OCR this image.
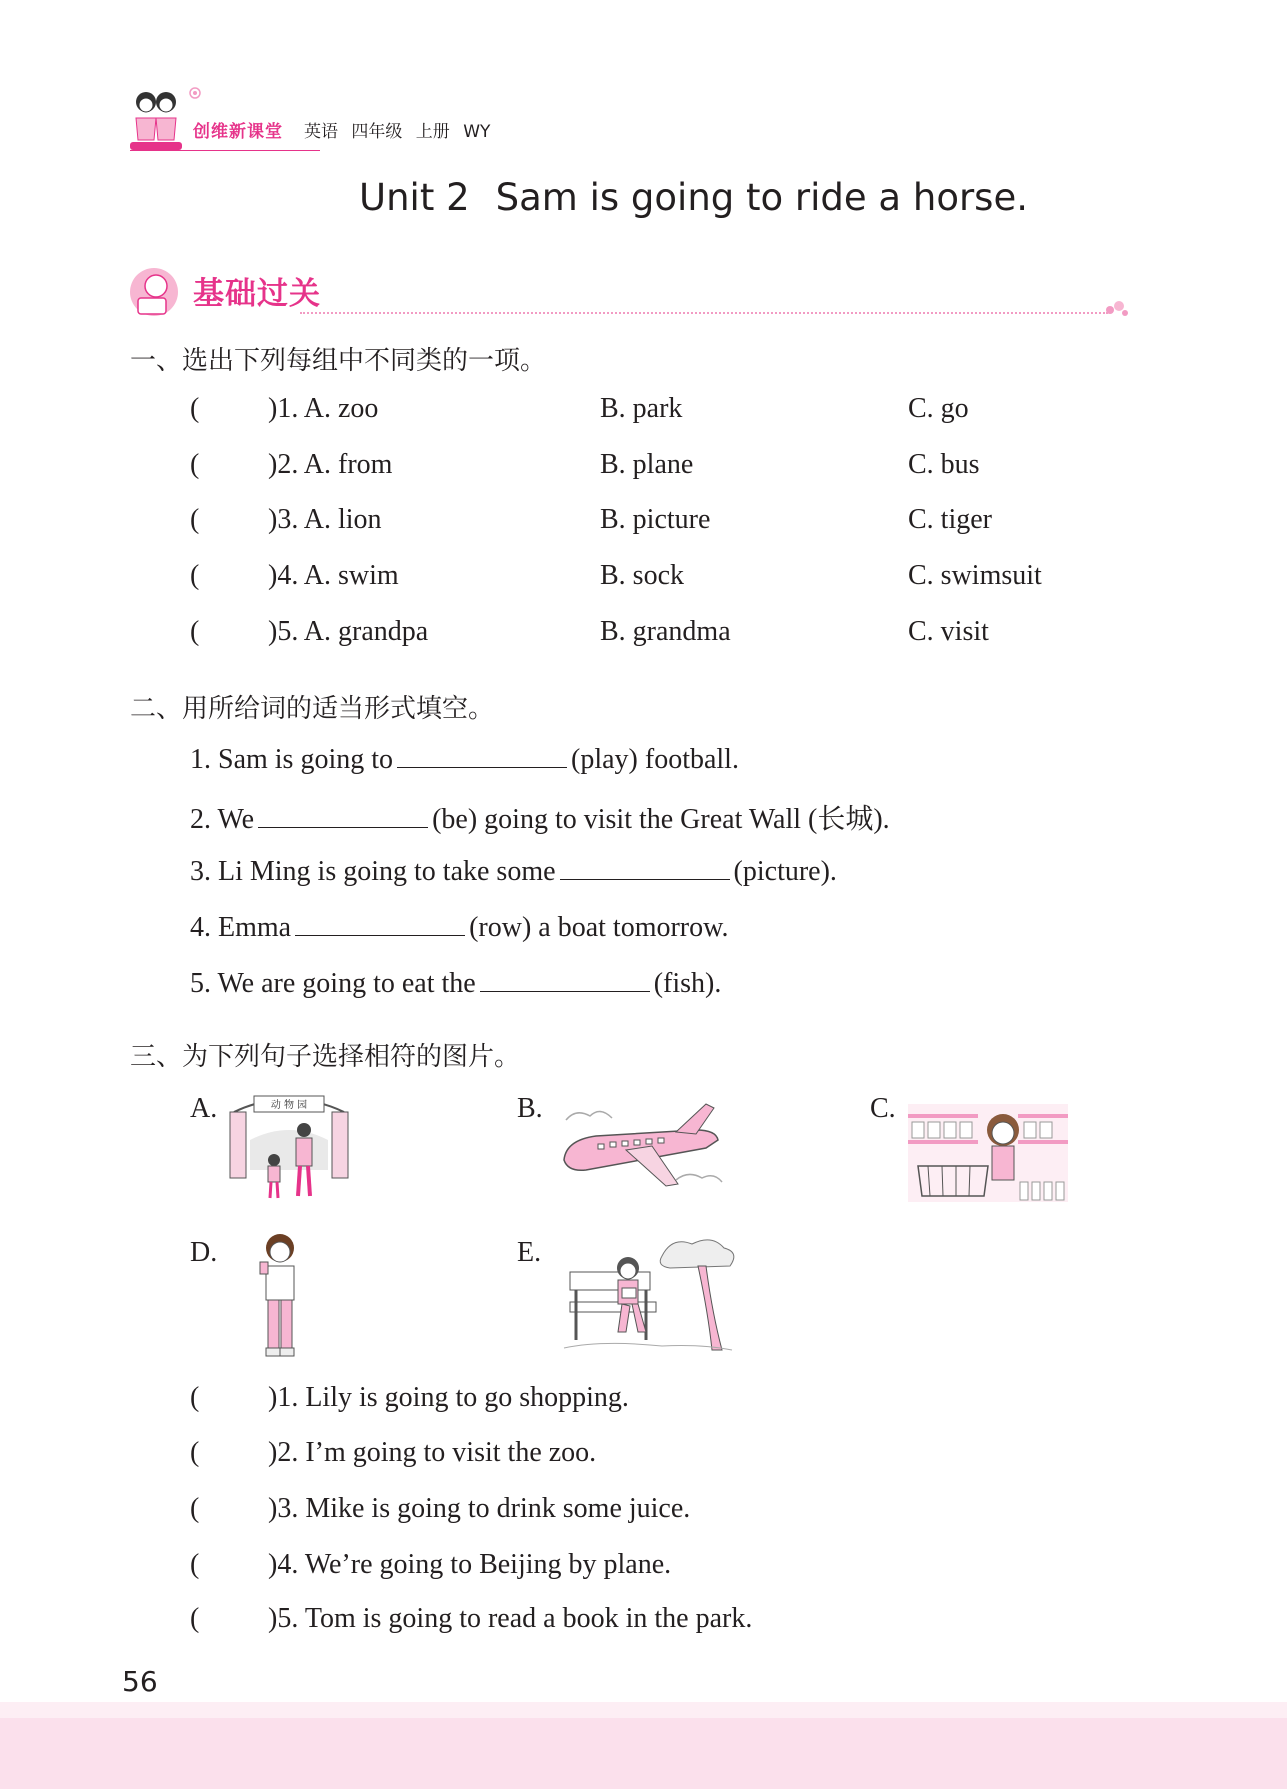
创维新课堂 英语 四年级 上册 WY
Unit 2 Sam is going to ride a horse.
基础过关
一、选出下列每组中不同类的一项。
( )1. A. zoo	B. park	C. go
( )2. A. from	B. plane	C. bus
( )3. A. lion	B. picture	C. tiger
( )4. A. swim	B. sock	C. swimsuit
( )5. A. grandpa	B. grandma	C. visit
二、用所给词的适当形式填空。
1. Sam is going to	(play) football.
2. We	(be) going to visit the Great Wall (长城).
3. Li Ming is going to take some	(picture).
4. Emma	(row) a boat tomorrow.
5. We are going to eat the	(fish).
三、为下列句子选择相符的图片。
A.	动 物 园	B.	C.
D.	E.
( )1. Lily is going to go shopping.
( )2. I’m going to visit the zoo.
( )3. Mike is going to drink some juice.
( )4. We’re going to Beijing by plane.
( )5. Tom is going to read a book in the park.
56
